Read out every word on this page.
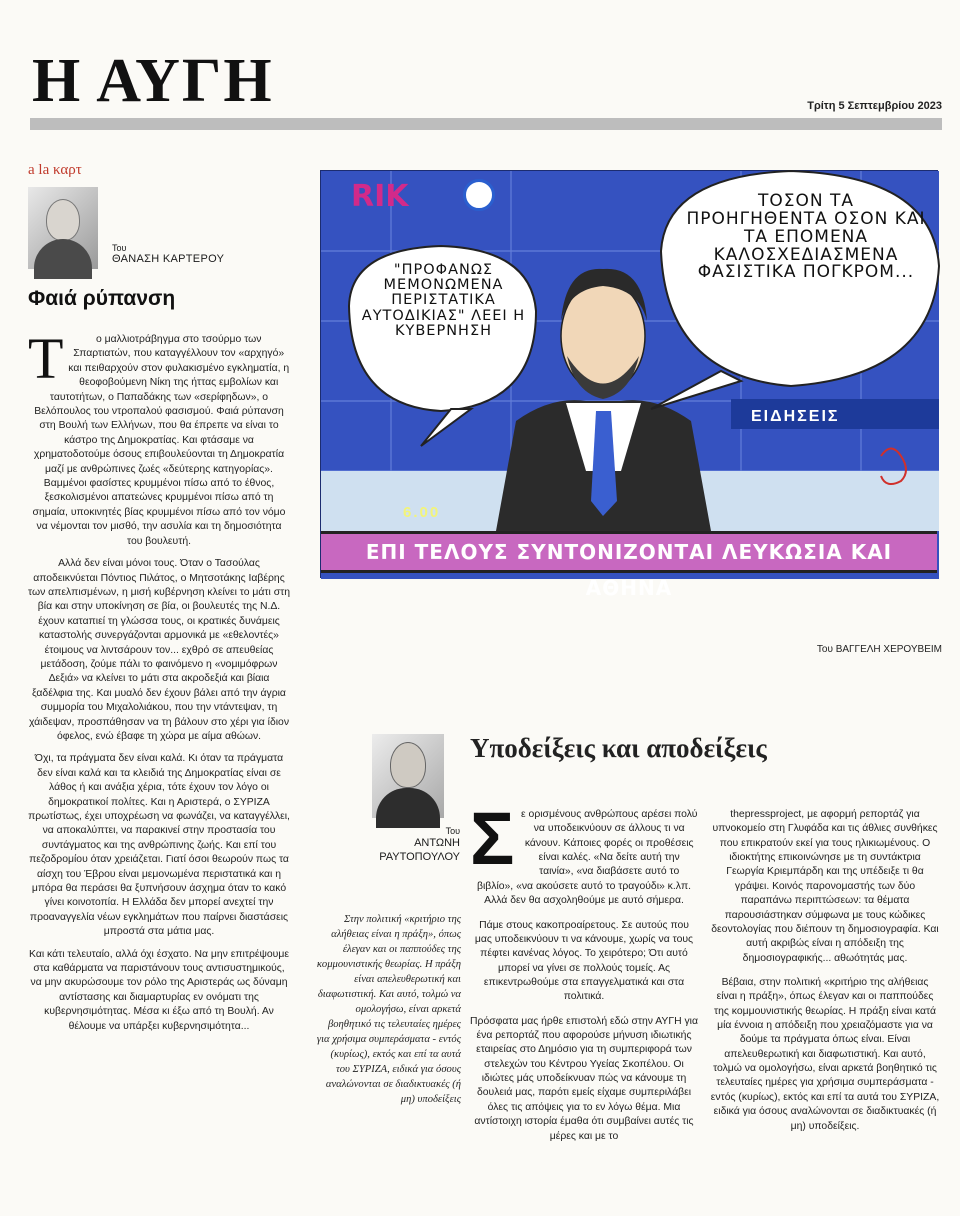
Η ΑΥΓΗ	Τρίτη 5 Σεπτεμβρίου 2023
a la καρτ
Του
ΘΑΝΑΣΗ ΚΑΡΤΕΡΟΥ
Φαιά ρύπανση

Τ	ο μαλλιοτράβηγμα στο τσούρμο των Σπαρτιατών, που καταγγέλλουν τον «αρχηγό» και πειθαρχούν στον φυλακισμένο εγκληματία, η θεοφοβούμενη Νίκη της ήττας εμβολίων και ταυτοτήτων, ο Παπαδάκης των «σερίφηδων», ο Βελόπουλος του ντροπαλού φασισμού. Φαιά ρύπανση στη Βουλή των Ελλήνων, που θα έπρεπε να είναι το κάστρο της Δημοκρατίας. Και φτάσαμε να χρηματοδοτούμε όσους επιβουλεύονται τη Δημοκρατία μαζί με ανθρώπινες ζωές «δεύτερης κατηγορίας». Βαμμένοι φασίστες κρυμμένοι πίσω από το έθνος, ξεσκολισμένοι απατεώνες κρυμμένοι πίσω από τη σημαία, υποκινητές βίας κρυμμένοι πίσω από τον νόμο να νέμονται τον μισθό, την ασυλία και τη δημοσιότητα του βουλευτή.

Αλλά δεν είναι μόνοι τους. Όταν ο Τασούλας αποδεικνύεται Πόντιος Πιλάτος, ο Μητσοτάκης Ιαβέρης των απελπισμένων, η μισή κυβέρνηση κλείνει το μάτι στη βία και στην υποκίνηση σε βία, οι βουλευτές της Ν.Δ. έχουν καταπιεί τη γλώσσα τους, οι κρατικές δυνάμεις καταστολής συνεργάζονται αρμονικά με «εθελοντές» έτοιμους να λιντσάρουν τον... εχθρό σε απευθείας μετάδοση, ζούμε πάλι το φαινόμενο η «νομιμόφρων Δεξιά» να κλείνει το μάτι στα ακροδεξιά και βίαια ξαδέλφια της. Και μυαλό δεν έχουν βάλει από την άγρια συμμορία του Μιχαλολιάκου, που την ντάντεψαν, τη χάιδεψαν, προσπάθησαν να τη βάλουν στο χέρι για ίδιον όφελος, ενώ έβαφε τη χώρα με αίμα αθώων.

Όχι, τα πράγματα δεν είναι καλά. Κι όταν τα πράγματα δεν είναι καλά και τα κλειδιά της Δημοκρατίας είναι σε λάθος ή και ανάξια χέρια, τότε έχουν τον λόγο οι δημοκρατικοί πολίτες. Και η Αριστερά, ο ΣΥΡΙΖΑ πρωτίστως, έχει υποχρέωση να φωνάζει, να καταγγέλλει, να αποκαλύπτει, να παρακινεί στην προστασία του συντάγματος και της ανθρώπινης ζωής. Και επί του πεζοδρομίου όταν χρειάζεται. Γιατί όσοι θεωρούν πως τα αίσχη του Έβρου είναι μεμονωμένα περιστατικά και η μπόρα θα περάσει θα ξυπνήσουν άσχημα όταν το κακό γίνει κοινοτοπία. Η Ελλάδα δεν μπορεί ανεχτεί την προαναγγελία νέων εγκλημάτων που παίρνει διαστάσεις μπροστά στα μάτια μας.

Και κάτι τελευταίο, αλλά όχι έσχατο. Να μην επιτρέψουμε στα καθάρματα να παριστάνουν τους αντισυστημικούς, να μην ακυρώσουμε τον ρόλο της Αριστεράς ως δύναμη αντίστασης και διαμαρτυρίας εν ονόματι της κυβερνησιμότητας. Μέσα κι έξω από τη Βουλή. Αν θέλουμε να υπάρξει κυβερνησιμότητα...

RIK
"ΠΡΟΦΑΝΩΣ ΜΕΜΟΝΩΜΕΝΑ ΠΕΡΙΣΤΑΤΙΚΑ ΑΥΤΟΔΙΚΙΑΣ" ΛΕΕΙ Η ΚΥΒΕΡΝΗΣΗ
ΤΟΣΟΝ ΤΑ ΠΡΟΗΓΗΘΕΝΤΑ ΟΣΟΝ ΚΑΙ ΤΑ ΕΠΟΜΕΝΑ ΚΑΛΟΣΧΕΔΙΑΣΜΕΝΑ ΦΑΣΙΣΤΙΚΑ ΠΟΓΚΡΟΜ...
ΕΙΔΗΣΕΙΣ
6.00
ΕΠΙ ΤΕΛΟΥΣ ΣΥΝΤΟΝΙΖΟΝΤΑΙ ΛΕΥΚΩΣΙΑ ΚΑΙ ΑΘΗΝΑ
Του ΒΑΓΓΕΛΗ ΧΕΡΟΥΒΕΙΜ
Του
ΑΝΤΩΝΗ ΡΑΥΤΟΠΟΥΛΟΥ
Υποδείξεις και αποδείξεις
Στην πολιτική «κριτήριο της αλήθειας είναι η πράξη», όπως έλεγαν και οι παππούδες της κομμουνιστικής θεωρίας. Η πράξη είναι απελευθερωτική και διαφωτιστική. Και αυτό, τολμώ να ομολογήσω, είναι αρκετά βοηθητικό τις τελευταίες ημέρες για χρήσιμα συμπεράσματα - εντός (κυρίως), εκτός και επί τα αυτά του ΣΥΡΙΖΑ, ειδικά για όσους αναλώνονται σε διαδικτυακές (ή μη) υποδείξεις

Σε ορισμένους ανθρώπους αρέσει πολύ να υποδεικνύουν σε άλλους τι να κάνουν. Κάποιες φορές οι προθέσεις είναι καλές. «Να δείτε αυτή την ταινία», «να διαβάσετε αυτό το βιβλίο», «να ακούσετε αυτό το τραγούδι» κ.λπ. Αλλά δεν θα ασχοληθούμε με αυτό σήμερα.

Πάμε στους κακοπροαίρετους. Σε αυτούς που μας υποδεικνύουν τι να κάνουμε, χωρίς να τους πέφτει κανένας λόγος. Το χειρότερο; Ότι αυτό μπορεί να γίνει σε πολλούς τομείς. Ας επικεντρωθούμε στα επαγγελματικά και στα πολιτικά.

Πρόσφατα μας ήρθε επιστολή εδώ στην ΑΥΓΗ για ένα ρεπορτάζ που αφορούσε μήνυση ιδιωτικής εταιρείας στο Δημόσιο για τη συμπεριφορά των στελεχών του Κέντρου Υγείας Σκοπέλου. Οι ιδιώτες μάς υποδείκνυαν πώς να κάνουμε τη δουλειά μας, παρότι εμείς είχαμε συμπεριλάβει όλες τις απόψεις για το εν λόγω θέμα. Μια αντίστοιχη ιστορία έμαθα ότι συμβαίνει αυτές τις μέρες και με το

thepressproject, με αφορμή ρεπορτάζ για υπνοκομείο στη Γλυφάδα και τις άθλιες συνθήκες που επικρατούν εκεί για τους ηλικιωμένους. Ο ιδιοκτήτης επικοινώνησε με τη συντάκτρια Γεωργία Κριεμπάρδη και της υπέδειξε τι θα γράψει. Κοινός παρονομαστής των δύο παραπάνω περιπτώσεων: τα θέματα παρουσιάστηκαν σύμφωνα με τους κώδικες δεοντολογίας που διέπουν τη δημοσιογραφία. Και αυτή ακριβώς είναι η απόδειξη της δημοσιογραφικής... αθωότητάς μας.

Βέβαια, στην πολιτική «κριτήριο της αλήθειας είναι η πράξη», όπως έλεγαν και οι παππούδες της κομμουνιστικής θεωρίας. Η πράξη είναι κατά μία έννοια η απόδειξη που χρειαζόμαστε για να δούμε τα πράγματα όπως είναι. Είναι απελευθερωτική και διαφωτιστική. Και αυτό, τολμώ να ομολογήσω, είναι αρκετά βοηθητικό τις τελευταίες ημέρες για χρήσιμα συμπεράσματα - εντός (κυρίως), εκτός και επί τα αυτά του ΣΥΡΙΖΑ, ειδικά για όσους αναλώνονται σε διαδικτυακές (ή μη) υποδείξεις.
